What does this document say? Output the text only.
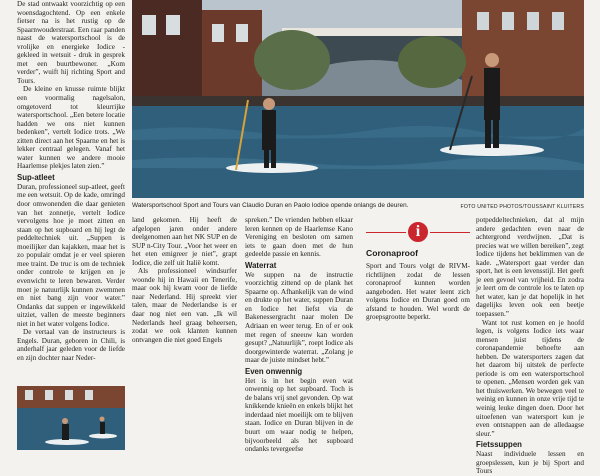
Watersportschool Sport and Tours van Claudio Duran en Paolo Iodice opende onlangs de deuren.	FOTO UNITED PHOTOS/TOUSSAINT KLUITERS

De stad ontwaakt voorzichtig op een woensdagochtend. Op een enkele fietser na is het rustig op de Spaarnwouderstraat. Een raar panden naast de watersportschool is de vrolijke en energieke Iodice - gekleed in wetsuit - druk in gesprek met een buurtbewoner. „Kom verder”, wuift hij richting Sport and Tours.

De kleine en knusse ruimte blijkt een voormalig nagelsalon, omgetoverd tot kleurrijke watersportschool. „Een betere locatie hadden we ons niet kunnen bedenken”, vertelt Iodice trots. „We zitten direct aan het Spaarne en het is lekker centraal gelegen. Vanaf het water kunnen we andere mooie Haarlemse plekjes laten zien.”

Sup-atleet

Duran, professioneel sup-atleet, geeft me een wetsuit. Op de kade, omringd door omwonenden die daar genieten van het zonnetje, vertelt Iodice vervolgens hoe je moet zitten en staan op het supboard en hij legt de peddeltechniek uit. „Suppen is moeilijker dan kajakken, maar het is zo populair omdat je er veel spieren mee traint. De truc is om de techniek onder controle te krijgen en je evenwicht te leren bewaren. Verder moet je natuurlijk kunnen zwemmen en niet bang zijn voor water.” Ondanks dat suppen er ingewikkeld uitziet, vallen de meeste beginners niet in het water volgens Iodice.

De vertaal van de instructeurs is Engels. Duran, geboren in Chili, is anderhalf jaar geleden voor de liefde en zijn dochter naar Neder-

land gekomen. Hij heeft de afgelopen jaren onder andere deelgenomen aan het NK SUP en de SUP n-City Tour. „Voor het weer en het eten emigreer je niet”, grapt Iodice, die zelf uit Italië komt.

Als professioneel windsurfer woonde hij in Hawaii en Tenerife, maar ook hij kwam voor de liefde naar Nederland. Hij spreekt vier talen, maar de Nederlandse is er daar nog niet een van. „Ik wil Nederlands heel graag beheersen, zodat we ook klanten kunnen ontvangen die niet goed Engels

spreken.” De vrienden hebben elkaar leren kennen op de Haarlemse Kano Vereniging en besloten om samen iets te gaan doen met de hun gedeelde passie en kennis.

Waterrat

We suppen na de instructie voorzichtig zittend op de plank het Spaarne op. Afhankelijk van de wind en drukte op het water, suppen Duran en Iodice het liefst via de Bakenessergracht naar molen De Adriaan en weer terug. En of er ook met regen of sneeuw kan worden gesupt? „Natuurlijk”, roept Iodice als doorgewinterde waterrat. „Zolang je maar de juiste mindset hebt.”

Even onwennig

Het is in het begin even wat onwennig op het supboard. Toch is de balans vrij snel gevonden. Op wat knikkende knieën en enkels blijkt het inderdaad niet moeilijk om te blijven staan. Iodice en Duran blijven in de buurt om waar nodig te helpen, bijvoorbeeld als het supboard ondanks tevergeefse

potpeddeltechnieken, dat al mijn andere gedachten even naar de achtergrond verdwijnen. „Dat is precies wat we willen bereiken”, zegt Iodice tijdens het beklimmen van de kade. „Watersport gaat verder dan sport, het is een levensstijl. Het geeft je een gevoel van vrijheid. En zodra je leert om de controle los te laten op het water, kan je dat hopelijk in het dagelijks leven ook een beetje toepassen.”

Want tot rust komen en je hoofd legen, is volgens Iodice iets waar mensen juist tijdens de coronapandemie behoefte aan hebben. De watersporters zagen dat het daarom bij uitstek de perfecte periode is om een watersportschool te openen. „Mensen worden gek van het thuiswerken. We bewegen veel te weinig en kunnen in onze vrije tijd te weinig leuke dingen doen. Door het uitoefenen van watersport kun je even ontsnappen aan de alledaagse sleur.”

Fietssuppen

Naast individuele lessen en groepslessen, kun je bij Sport and Tours

i
Coronaproof

Sport and Tours volgt de RIVM-richtlijnen zodat de lessen coronaproof kunnen worden aangeboden. Het water leent zich volgens Iodice en Duran goed om afstand te houden. Wel wordt de groepsgrootte beperkt.
